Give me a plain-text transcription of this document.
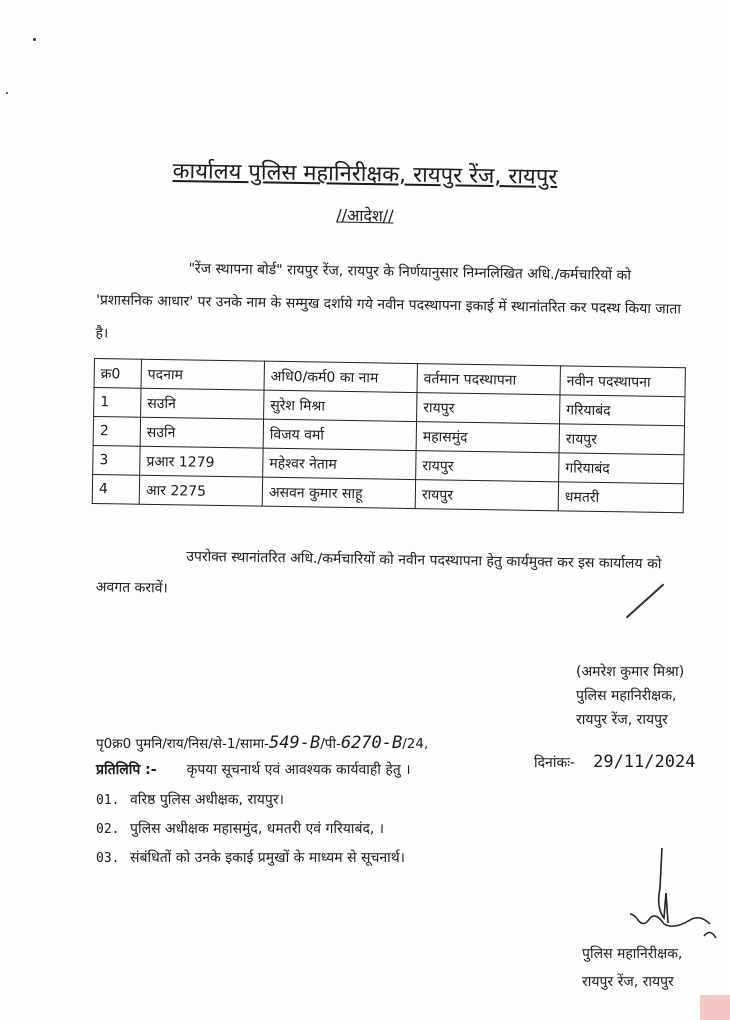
कार्यालय पुलिस महानिरीक्षक, रायपुर रेंज, रायपुर
//आदेश//
"रेंज स्थापना बोर्ड" रायपुर रेंज, रायपुर के निर्णयानुसार निम्नलिखित अधि./कर्मचारियों को 'प्रशासनिक आधार' पर उनके नाम के सम्मुख दर्शाये गये नवीन पदस्थापना इकाई में स्थानांतरित कर पदस्थ किया जाता है।
क्र0	पदनाम	अधि0/कर्म0 का नाम	वर्तमान पदस्थापना	नवीन पदस्थापना
1	सउनि	सुरेश मिश्रा	रायपुर	गरियाबंद
2	सउनि	विजय वर्मा	महासमुंद	रायपुर
3	प्रआर 1279	महेश्वर नेताम	रायपुर	गरियाबंद
4	आर 2275	असवन कुमार साहू	रायपुर	धमतरी
उपरोक्त स्थानांतरित अधि./कर्मचारियों को नवीन पदस्थापना हेतु कार्यमुक्त कर इस कार्यालय को अवगत करावें।
(अमरेश कुमार मिश्रा)
पुलिस महानिरीक्षक,
रायपुर रेंज, रायपुर
पृ0क्र0 पुमनि/राय/निस/से-1/सामा-549-B/पी-6270-B/24,
दिनांकः- 29/11/2024
प्रतिलिपि :- कृपया सूचनार्थ एवं आवश्यक कार्यवाही हेतु ।
01. वरिष्ठ पुलिस अधीक्षक, रायपुर।
02. पुलिस अधीक्षक महासमुंद, धमतरी एवं गरियाबंद, ।
03. संबंधितों को उनके इकाई प्रमुखों के माध्यम से सूचनार्थ।
पुलिस महानिरीक्षक,
रायपुर रेंज, रायपुर
